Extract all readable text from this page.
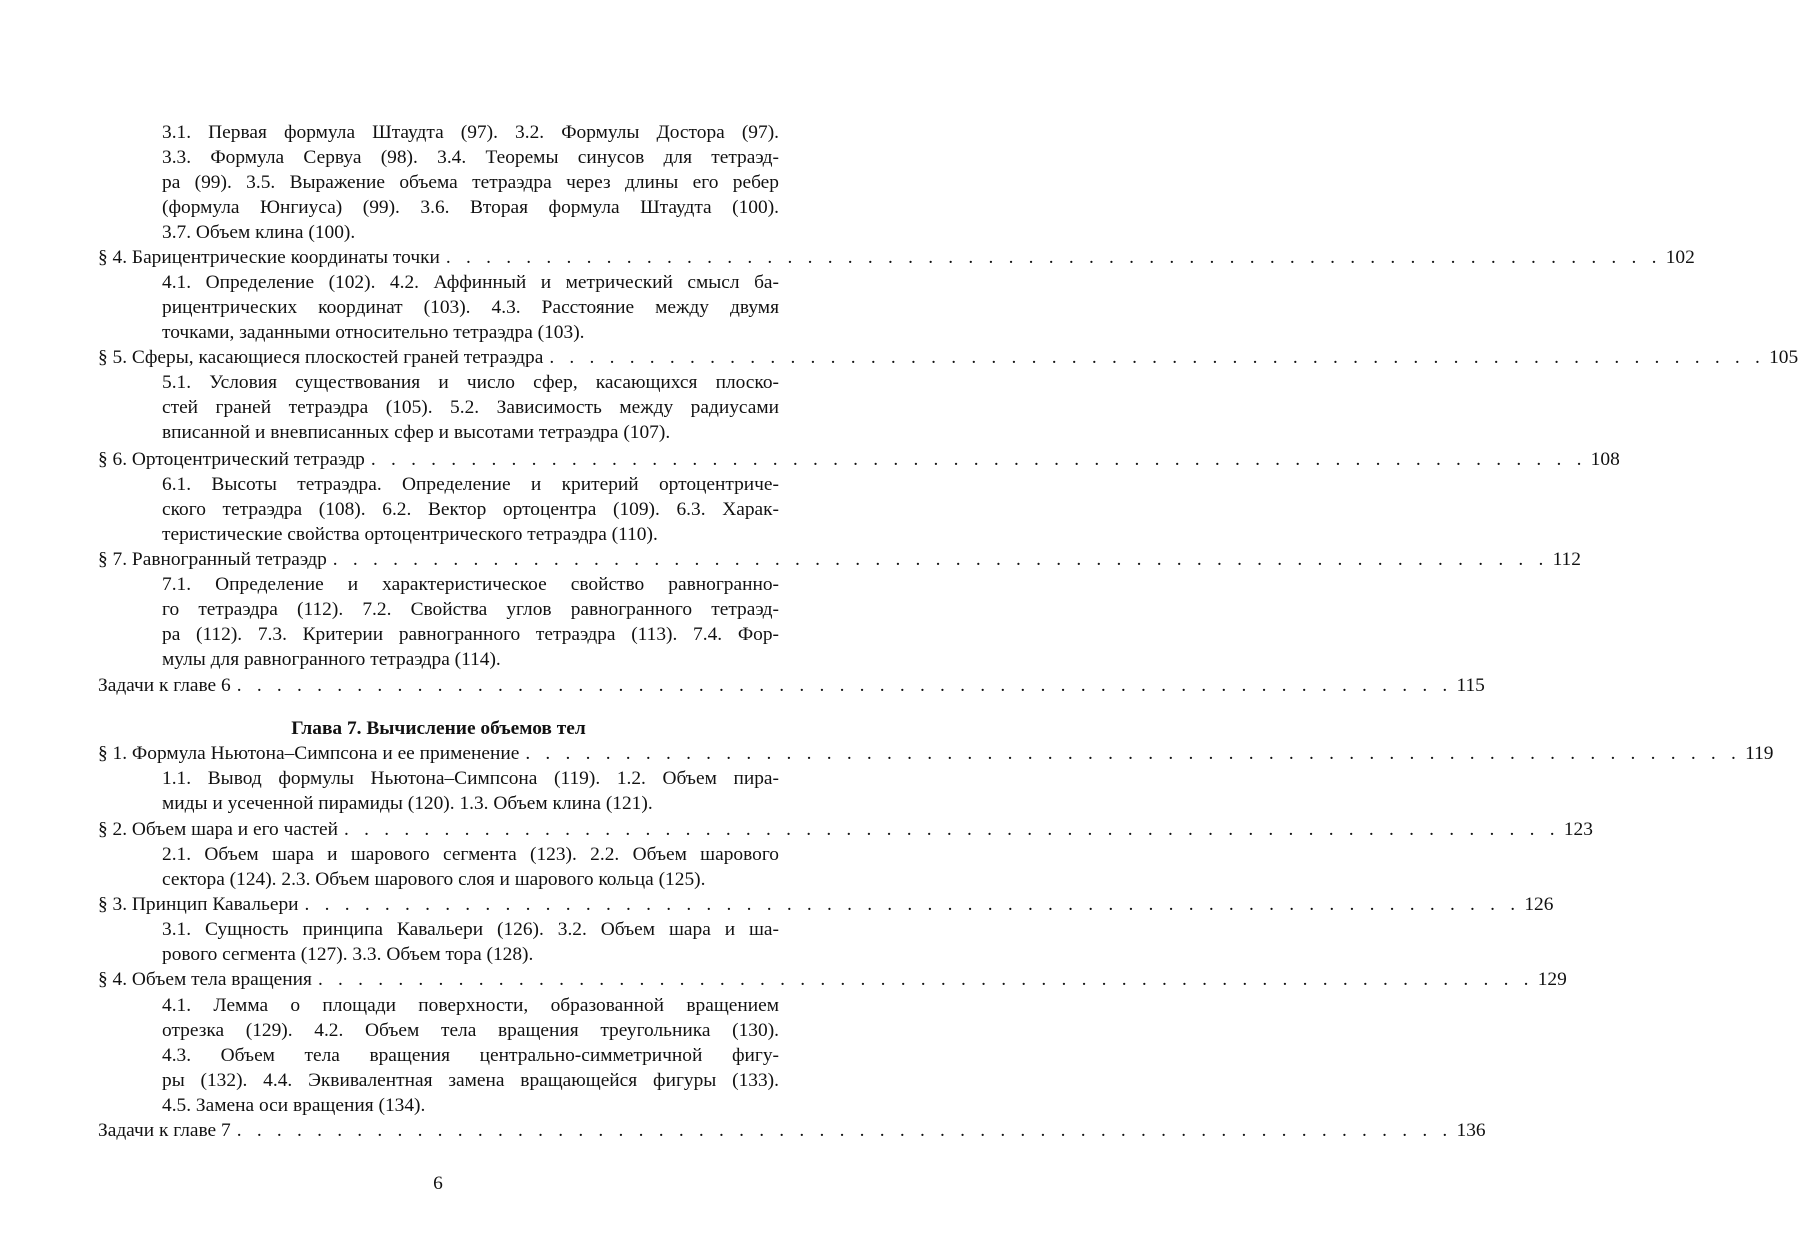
3.1. Первая формула Штаудта (97). 3.2. Формулы Достора (97).
3.3. Формула Сервуа (98). 3.4. Теоремы синусов для тетраэд-
ра (99). 3.5. Выражение объема тетраэдра через длины его ребер
(формула Юнгиуса) (99). 3.6. Вторая формула Штаудта (100).
3.7. Объем клина (100).
§ 4. Барицентрические координаты точки . . . . . . . . . . . . . . . . . . . . . . . . . . . . . . . . . . . . . . . . . . . . . . . . . . . . . . . . . . . . . 102
4.1. Определение (102). 4.2. Аффинный и метрический смысл ба-
рицентрических координат (103). 4.3. Расстояние между двумя
точками, заданными относительно тетраэдра (103).
§ 5. Сферы, касающиеся плоскостей граней тетраэдра . . . . . . . . . . . . . . . . . . . . . . . . . . . . . . . . . . . . . . . . . . . . . . . . . . . . . . . . . . . . . 105
5.1. Условия существования и число сфер, касающихся плоско-
стей граней тетраэдра (105). 5.2. Зависимость между радиусами
вписанной и вневписанных сфер и высотами тетраэдра (107).
§ 6. Ортоцентрический тетраэдр . . . . . . . . . . . . . . . . . . . . . . . . . . . . . . . . . . . . . . . . . . . . . . . . . . . . . . . . . . . . . 108
6.1. Высоты тетраэдра. Определение и критерий ортоцентриче-
ского тетраэдра (108). 6.2. Вектор ортоцентра (109). 6.3. Харак-
теристические свойства ортоцентрического тетраэдра (110).
§ 7. Равногранный тетраэдр . . . . . . . . . . . . . . . . . . . . . . . . . . . . . . . . . . . . . . . . . . . . . . . . . . . . . . . . . . . . . 112
7.1. Определение и характеристическое свойство равногранно-
го тетраэдра (112). 7.2. Свойства углов равногранного тетраэд-
ра (112). 7.3. Критерии равногранного тетраэдра (113). 7.4. Фор-
мулы для равногранного тетраэдра (114).
Задачи к главе 6 . . . . . . . . . . . . . . . . . . . . . . . . . . . . . . . . . . . . . . . . . . . . . . . . . . . . . . . . . . . . . 115
Глава 7. Вычисление объемов тел
§ 1. Формула Ньютона–Симпсона и ее применение . . . . . . . . . . . . . . . . . . . . . . . . . . . . . . . . . . . . . . . . . . . . . . . . . . . . . . . . . . . . . 119
1.1. Вывод формулы Ньютона–Симпсона (119). 1.2. Объем пира-
миды и усеченной пирамиды (120). 1.3. Объем клина (121).
§ 2. Объем шара и его частей . . . . . . . . . . . . . . . . . . . . . . . . . . . . . . . . . . . . . . . . . . . . . . . . . . . . . . . . . . . . . 123
2.1. Объем шара и шарового сегмента (123). 2.2. Объем шарового
сектора (124). 2.3. Объем шарового слоя и шарового кольца (125).
§ 3. Принцип Кавальери . . . . . . . . . . . . . . . . . . . . . . . . . . . . . . . . . . . . . . . . . . . . . . . . . . . . . . . . . . . . . 126
3.1. Сущность принципа Кавальери (126). 3.2. Объем шара и ша-
рового сегмента (127). 3.3. Объем тора (128).
§ 4. Объем тела вращения . . . . . . . . . . . . . . . . . . . . . . . . . . . . . . . . . . . . . . . . . . . . . . . . . . . . . . . . . . . . . 129
4.1. Лемма о площади поверхности, образованной вращением
отрезка (129). 4.2. Объем тела вращения треугольника (130).
4.3. Объем тела вращения центрально-симметричной фигу-
ры (132). 4.4. Эквивалентная замена вращающейся фигуры (133).
4.5. Замена оси вращения (134).
Задачи к главе 7 . . . . . . . . . . . . . . . . . . . . . . . . . . . . . . . . . . . . . . . . . . . . . . . . . . . . . . . . . . . . . 136
6
